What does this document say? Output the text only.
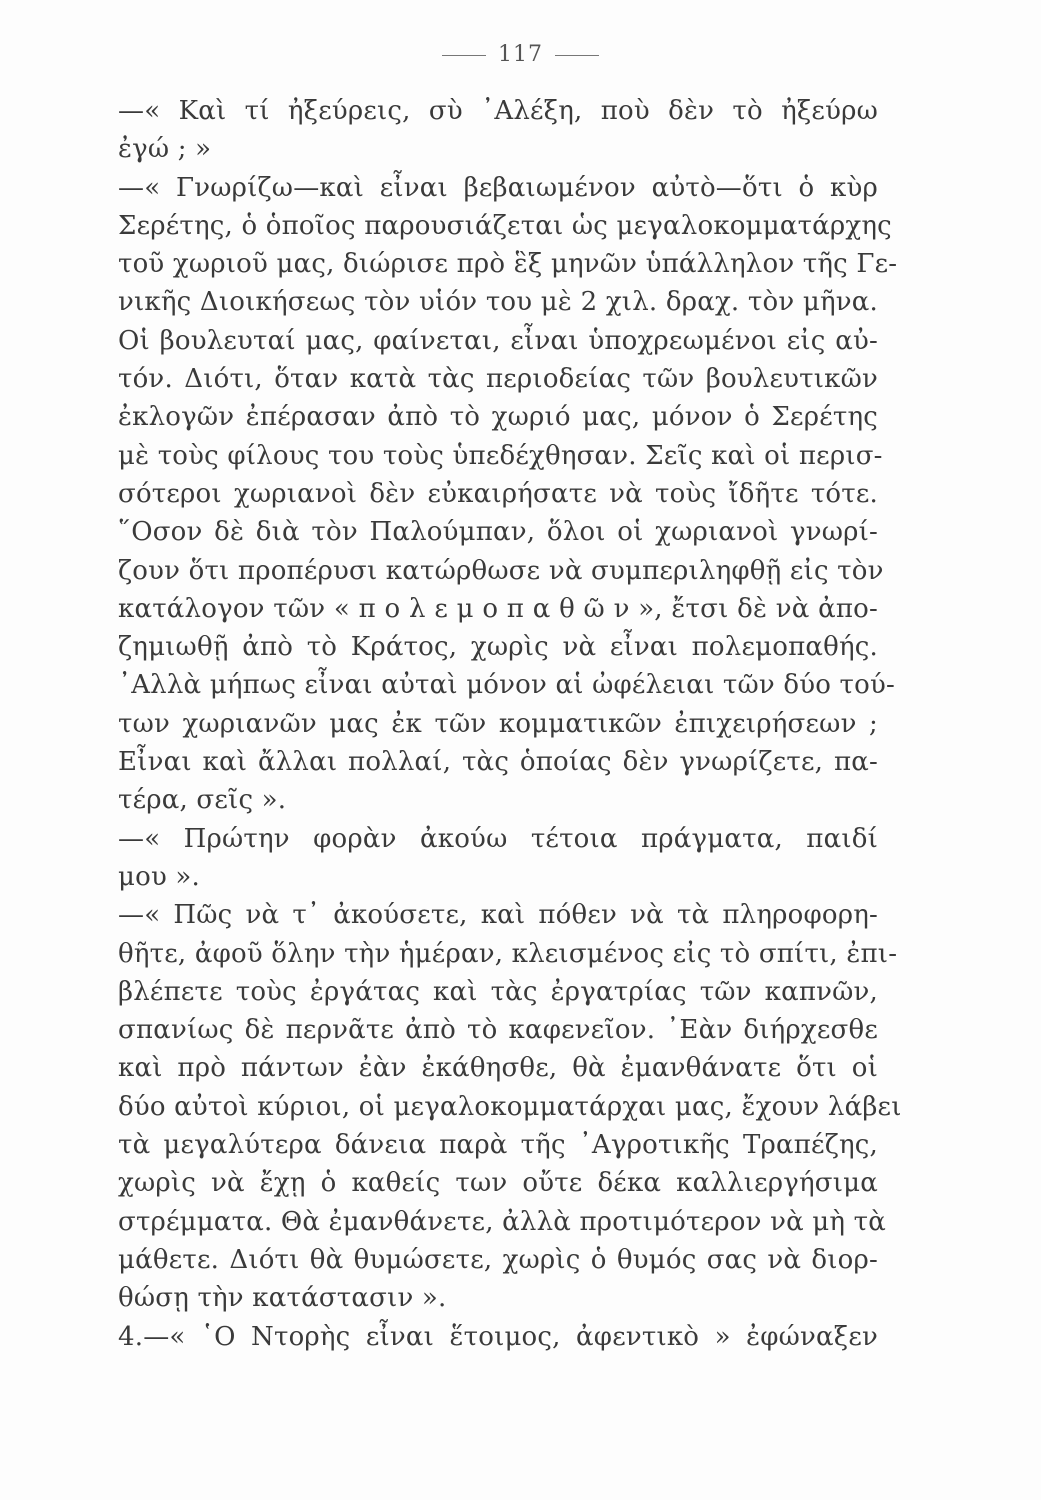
117
—« Καὶ τί ἠξεύρεις, σὺ ᾿Αλέξη, ποὺ δὲν τὸ ἠξεύρω
ἐγώ ; »
—« Γνωρίζω—καὶ εἶναι βεβαιωμένον αὐτὸ—ὅτι ὁ κὺρ
Σερέτης, ὁ ὁποῖος παρουσιάζεται ὡς μεγαλοκομματάρχης
τοῦ χωριοῦ μας, διώρισε πρὸ ἓξ μηνῶν ὑπάλληλον τῆς Γε-
νικῆς Διοικήσεως τὸν υἱόν του μὲ 2 χιλ. δραχ. τὸν μῆνα.
Οἱ βουλευταί μας, φαίνεται, εἶναι ὑποχρεωμένοι εἰς αὐ-
τόν. Διότι, ὅταν κατὰ τὰς περιοδείας τῶν βουλευτικῶν
ἐκλογῶν ἐπέρασαν ἀπὸ τὸ χωριό μας, μόνον ὁ Σερέτης
μὲ τοὺς φίλους του τοὺς ὑπεδέχθησαν. Σεῖς καὶ οἱ περισ-
σότεροι χωριανοὶ δὲν εὐκαιρήσατε νὰ τοὺς ἴδῆτε τότε.
῞Οσον δὲ διὰ τὸν Παλούμπαν, ὅλοι οἱ χωριανοὶ γνωρί-
ζουν ὅτι προπέρυσι κατώρθωσε νὰ συμπεριληφθῇ εἰς τὸν
κατάλογον τῶν « π ο λ ε μ ο π α θ ῶ ν », ἔτσι δὲ νὰ ἀπο-
ζημιωθῇ ἀπὸ τὸ Κράτος, χωρὶς νὰ εἶναι πολεμοπαθής.
᾿Αλλὰ μήπως εἶναι αὐταὶ μόνον αἱ ὠφέλειαι τῶν δύο τού-
των χωριανῶν μας ἐκ τῶν κομματικῶν ἐπιχειρήσεων ;
Εἶναι καὶ ἄλλαι πολλαί, τὰς ὁποίας δὲν γνωρίζετε, πα-
τέρα, σεῖς ».
—« Πρώτην φορὰν ἀκούω τέτοια πράγματα, παιδί
μου ».
—« Πῶς νὰ τ᾿ ἀκούσετε, καὶ πόθεν νὰ τὰ πληροφορη-
θῆτε, ἀφοῦ ὅλην τὴν ἡμέραν, κλεισμένος εἰς τὸ σπίτι, ἐπι-
βλέπετε τοὺς ἐργάτας καὶ τὰς ἐργατρίας τῶν καπνῶν,
σπανίως δὲ περνᾶτε ἀπὸ τὸ καφενεῖον. ᾿Εὰν διήρχεσθε
καὶ πρὸ πάντων ἐὰν ἐκάθησθε, θὰ ἐμανθάνατε ὅτι οἱ
δύο αὐτοὶ κύριοι, οἱ μεγαλοκομματάρχαι μας, ἔχουν λάβει
τὰ μεγαλύτερα δάνεια παρὰ τῆς ᾿Αγροτικῆς Τραπέζης,
χωρὶς νὰ ἔχῃ ὁ καθείς των οὔτε δέκα καλλιεργήσιμα
στρέμματα. Θὰ ἐμανθάνετε, ἀλλὰ προτιμότερον νὰ μὴ τὰ
μάθετε. Διότι θὰ θυμώσετε, χωρὶς ὁ θυμός σας νὰ διορ-
θώσῃ τὴν κατάστασιν ».
4.—« ῾Ο Ντορὴς εἶναι ἕτοιμος, ἀφεντικὸ » ἐφώναξεν
